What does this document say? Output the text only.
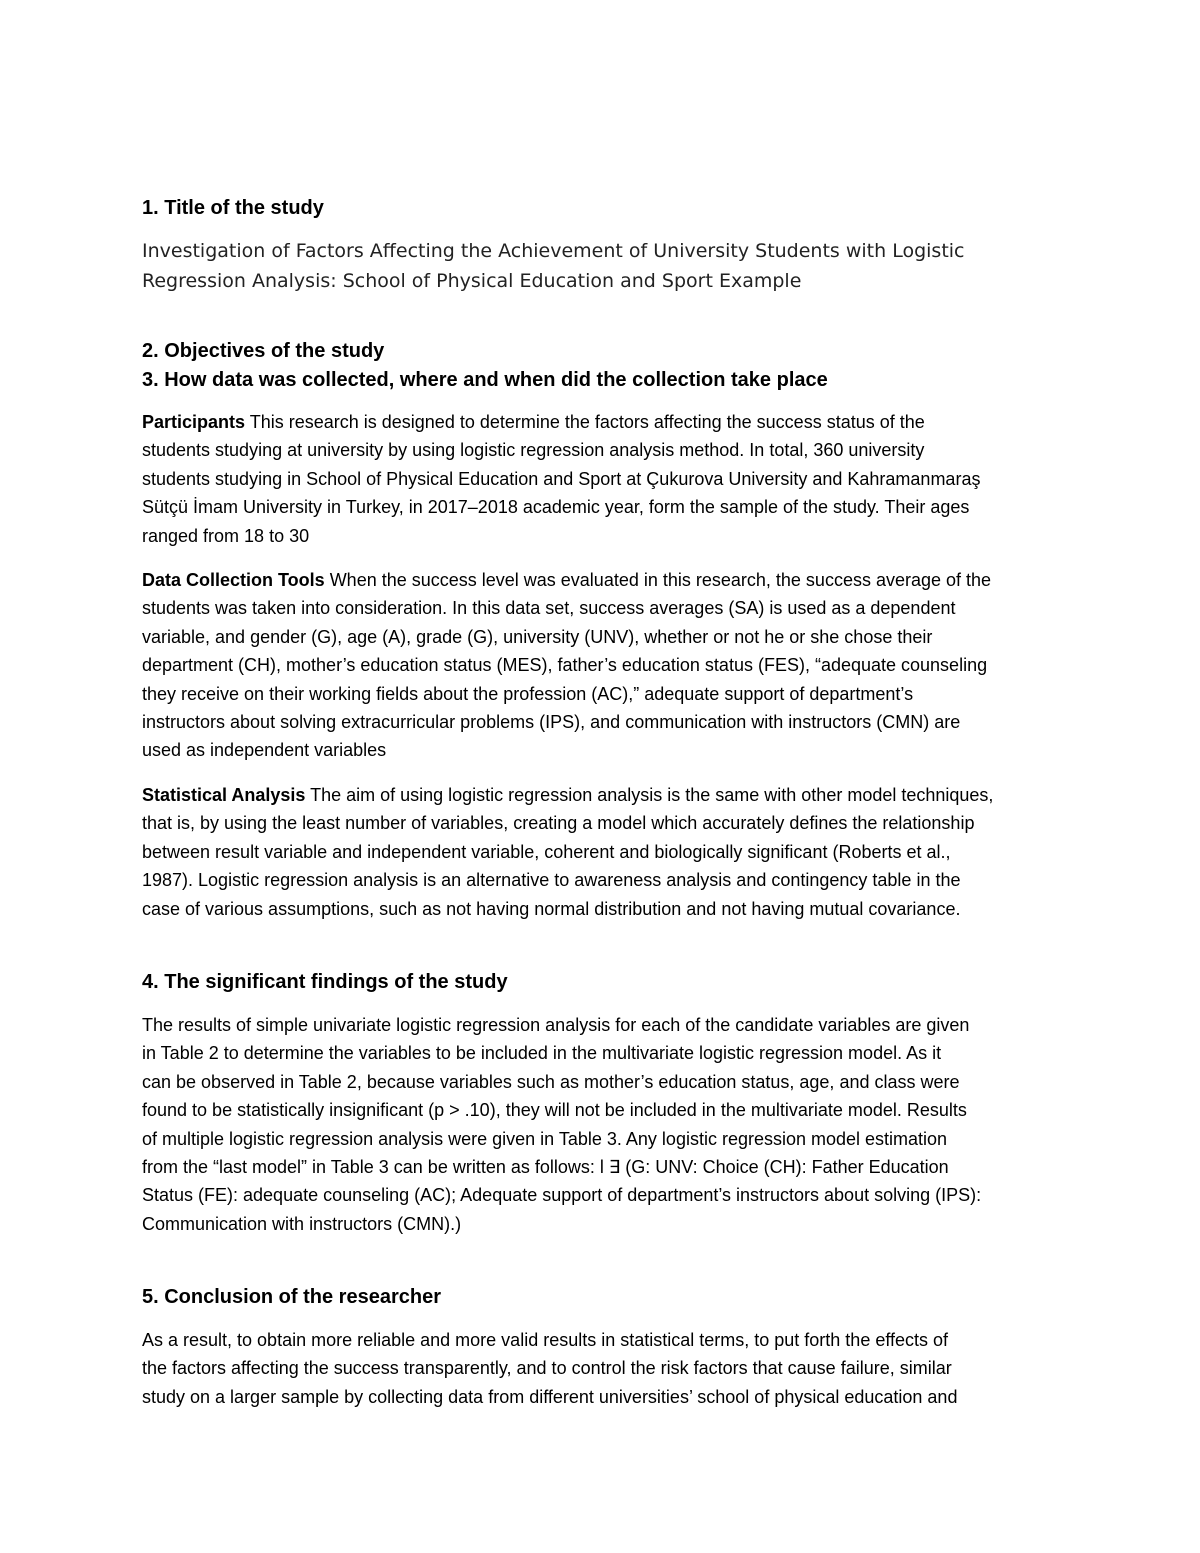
1. Title of the study
Investigation of Factors Affecting the Achievement of University Students with Logistic
Regression Analysis: School of Physical Education and Sport Example
2. Objectives of the study
3. How data was collected, where and when did the collection take place
Participants This research is designed to determine the factors affecting the success status of the
students studying at university by using logistic regression analysis method. In total, 360 university
students studying in School of Physical Education and Sport at Çukurova University and Kahramanmaraş
Sütçü İmam University in Turkey, in 2017–2018 academic year, form the sample of the study. Their ages
ranged from 18 to 30
Data Collection Tools When the success level was evaluated in this research, the success average of the
students was taken into consideration. In this data set, success averages (SA) is used as a dependent
variable, and gender (G), age (A), grade (G), university (UNV), whether or not he or she chose their
department (CH), mother’s education status (MES), father’s education status (FES), “adequate counseling
they receive on their working fields about the profession (AC),” adequate support of department’s
instructors about solving extracurricular problems (IPS), and communication with instructors (CMN) are
used as independent variables
Statistical Analysis The aim of using logistic regression analysis is the same with other model techniques,
that is, by using the least number of variables, creating a model which accurately defines the relationship
between result variable and independent variable, coherent and biologically significant (Roberts et al.,
1987). Logistic regression analysis is an alternative to awareness analysis and contingency table in the
case of various assumptions, such as not having normal distribution and not having mutual covariance.
4. The significant findings of the study
The results of simple univariate logistic regression analysis for each of the candidate variables are given
in Table 2 to determine the variables to be included in the multivariate logistic regression model. As it
can be observed in Table 2, because variables such as mother’s education status, age, and class were
found to be statistically insignificant (p > .10), they will not be included in the multivariate model. Results
of multiple logistic regression analysis were given in Table 3. Any logistic regression model estimation
from the “last model” in Table 3 can be written as follows: l ∃ (G: UNV: Choice (CH): Father Education
Status (FE): adequate counseling (AC); Adequate support of department’s instructors about solving (IPS):
Communication with instructors (CMN).)
5. Conclusion of the researcher
As a result, to obtain more reliable and more valid results in statistical terms, to put forth the effects of
the factors affecting the success transparently, and to control the risk factors that cause failure, similar
study on a larger sample by collecting data from different universities’ school of physical education and
